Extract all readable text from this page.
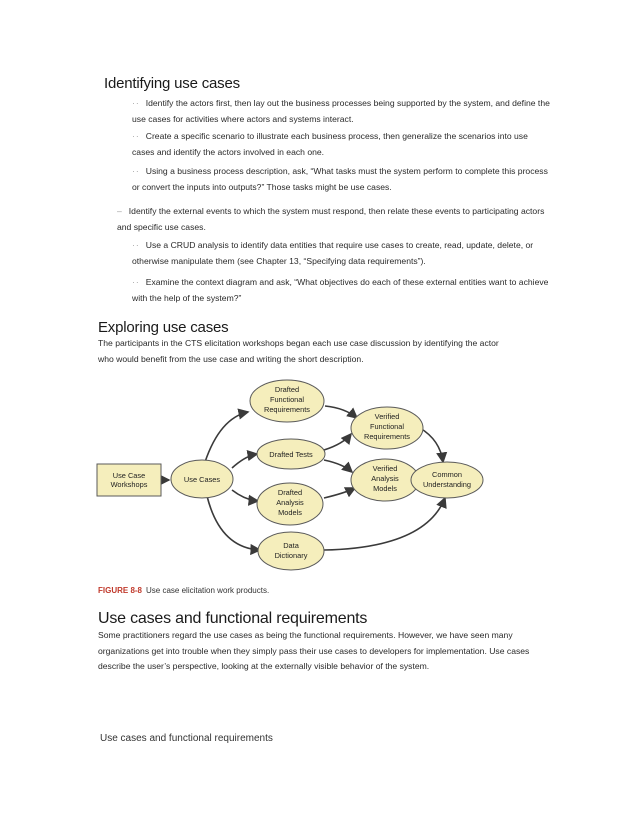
Identifying use cases
·· Identify the actors first, then lay out the business processes being supported by the system, and define the use cases for activities where actors and systems interact.
·· Create a specific scenario to illustrate each business process, then generalize the scenarios into use cases and identify the actors involved in each one.
·· Using a business process description, ask, “What tasks must the system perform to complete this process or convert the inputs into outputs?” Those tasks might be use cases.
– Identify the external events to which the system must respond, then relate these events to participating actors and specific use cases.
·· Use a CRUD analysis to identify data entities that require use cases to create, read, update, delete, or otherwise manipulate them (see Chapter 13, “Specifying data requirements”).
·· Examine the context diagram and ask, “What objectives do each of these external entities want to achieve with the help of the system?”
Exploring use cases
The participants in the CTS elicitation workshops began each use case discussion by identifying the actor who would benefit from the use case and writing the short description.
Use Case
Workshops
Use Cases
Drafted
Functional
Requirements
Drafted Tests
Drafted
Analysis
Models
Data
Dictionary
Verified
Functional
Requirements
Verified
Analysis
Models
Common
Understanding
FIGURE 8-8 Use case elicitation work products.
Use cases and functional requirements
Some practitioners regard the use cases as being the functional requirements. However, we have seen many organizations get into trouble when they simply pass their use cases to developers for implementation. Use cases describe the user’s perspective, looking at the externally visible behavior of the system.
Use cases and functional requirements
